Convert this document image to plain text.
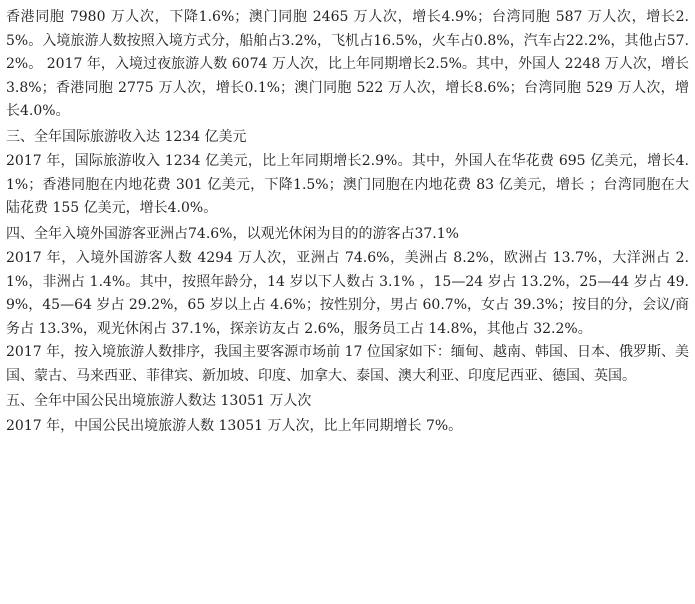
香港同胞 7980 万人次，下降1.6%；澳门同胞 2465 万人次，增长4.9%；台湾同胞 587 万人次，增长2.5%。入境旅游人数按照入境方式分，船舶占3.2%，飞机占16.5%，火车占0.8%，汽车占22.2%，其他占57.2%。 2017 年，入境过夜旅游人数 6074 万人次，比上年同期增长2.5%。其中，外国人 2248 万人次，增长3.8%；香港同胞 2775 万人次，增长0.1%；澳门同胞 522 万人次，增长8.6%；台湾同胞 529 万人次，增长4.0%。

三、全年国际旅游收入达 1234 亿美元

2017 年，国际旅游收入 1234 亿美元，比上年同期增长2.9%。其中，外国人在华花费 695 亿美元，增长4.1%；香港同胞在内地花费 301 亿美元，下降1.5%；澳门同胞在内地花费 83 亿美元，增长 ；台湾同胞在大陆花费 155 亿美元，增长4.0%。

四、全年入境外国游客亚洲占74.6%，以观光休闲为目的的游客占37.1%

2017 年，入境外国游客人数 4294 万人次，亚洲占 74.6%，美洲占 8.2%，欧洲占 13.7%，大洋洲占 2.1%，非洲占 1.4%。其中，按照年龄分，14 岁以下人数占 3.1% ，15—24 岁占 13.2%，25—44 岁占 49.9%，45—64 岁占 29.2%，65 岁以上占 4.6%；按性别分，男占 60.7%，女占 39.3%；按目的分，会议/商务占 13.3%，观光休闲占 37.1%，探亲访友占 2.6%，服务员工占 14.8%，其他占 32.2%。

2017 年，按入境旅游人数排序，我国主要客源市场前 17 位国家如下：缅甸、越南、韩国、日本、俄罗斯、美国、蒙古、马来西亚、菲律宾、新加坡、印度、加拿大、泰国、澳大利亚、印度尼西亚、德国、英国。

五、全年中国公民出境旅游人数达 13051 万人次

2017 年，中国公民出境旅游人数 13051 万人次，比上年同期增长 7%。
